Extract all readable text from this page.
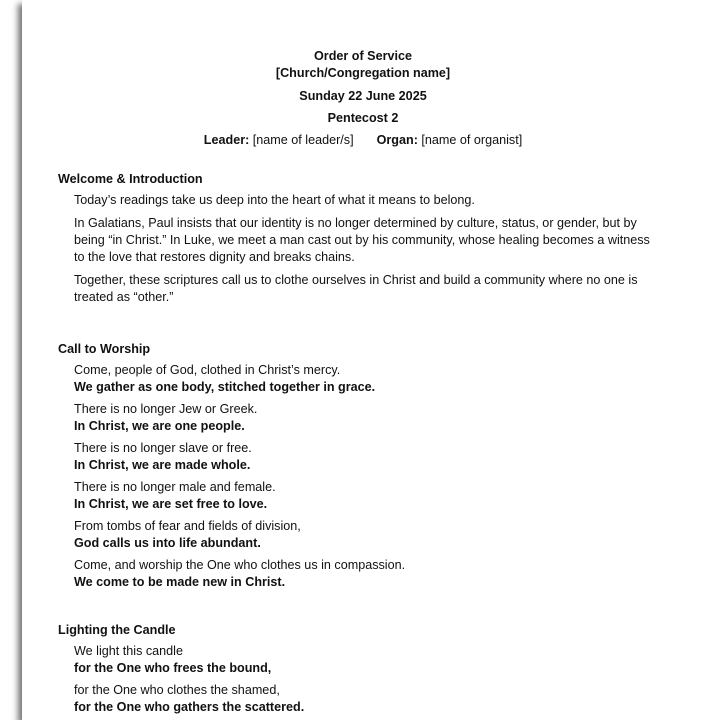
Order of Service
[Church/Congregation name]
Sunday 22 June 2025
Pentecost 2
Leader: [name of leader/s] Organ: [name of organist]
Welcome & Introduction
Today’s readings take us deep into the heart of what it means to belong.
In Galatians, Paul insists that our identity is no longer determined by culture, status, or gender, but by being “in Christ.” In Luke, we meet a man cast out by his community, whose healing becomes a witness to the love that restores dignity and breaks chains.
Together, these scriptures call us to clothe ourselves in Christ and build a community where no one is treated as “other.”
Call to Worship
Come, people of God, clothed in Christ’s mercy.
We gather as one body, stitched together in grace.
There is no longer Jew or Greek.
In Christ, we are one people.
There is no longer slave or free.
In Christ, we are made whole.
There is no longer male and female.
In Christ, we are set free to love.
From tombs of fear and fields of division,
God calls us into life abundant.
Come, and worship the One who clothes us in compassion.
We come to be made new in Christ.
Lighting the Candle
We light this candle
for the One who frees the bound,
for the One who clothes the shamed,
for the One who gathers the scattered.
